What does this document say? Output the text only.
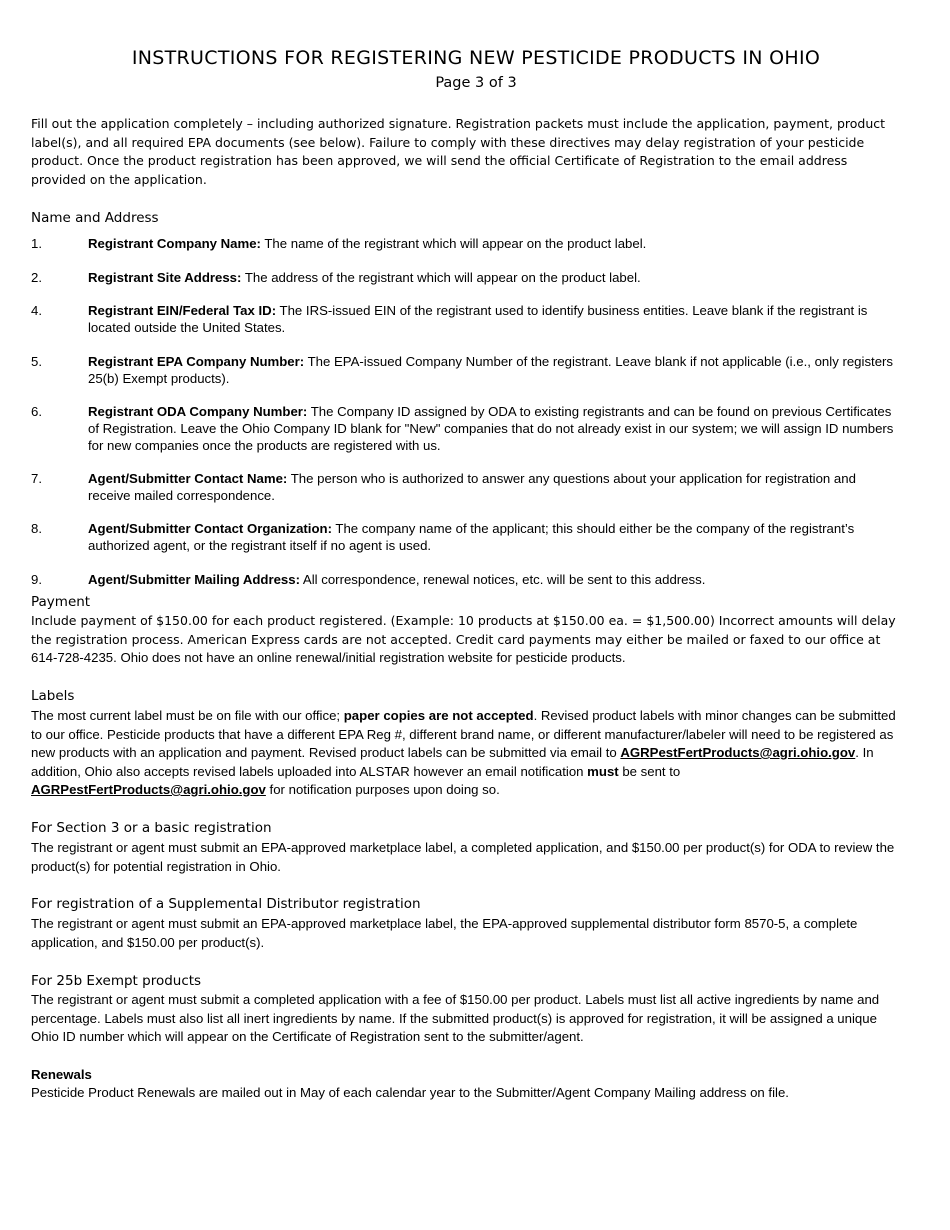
INSTRUCTIONS FOR REGISTERING NEW PESTICIDE PRODUCTS IN OHIO
Page 3 of 3

Fill out the application completely – including authorized signature. Registration packets must include the application, payment, product label(s), and all required EPA documents (see below). Failure to comply with these directives may delay registration of your pesticide product. Once the product registration has been approved, we will send the official Certificate of Registration to the email address provided on the application.

Name and Address
1.	Registrant Company Name: The name of the registrant which will appear on the product label.
2.	Registrant Site Address: The address of the registrant which will appear on the product label.
4.	Registrant EIN/Federal Tax ID: The IRS-issued EIN of the registrant used to identify business entities. Leave blank if the registrant is located outside the United States.
5.	Registrant EPA Company Number: The EPA-issued Company Number of the registrant. Leave blank if not applicable (i.e., only registers 25(b) Exempt products).
6.	Registrant ODA Company Number: The Company ID assigned by ODA to existing registrants and can be found on previous Certificates of Registration. Leave the Ohio Company ID blank for "New" companies that do not already exist in our system; we will assign ID numbers for new companies once the products are registered with us.
7.	Agent/Submitter Contact Name: The person who is authorized to answer any questions about your application for registration and receive mailed correspondence.
8.	Agent/Submitter Contact Organization: The company name of the applicant; this should either be the company of the registrant’s authorized agent, or the registrant itself if no agent is used.
9.	Agent/Submitter Mailing Address: All correspondence, renewal notices, etc. will be sent to this address.
Payment
Include payment of $150.00 for each product registered. (Example: 10 products at $150.00 ea. = $1,500.00) Incorrect amounts will delay the registration process. American Express cards are not accepted. Credit card payments may either be mailed or faxed to our office at 614-728-4235. Ohio does not have an online renewal/initial registration website for pesticide products.
Labels
The most current label must be on file with our office; paper copies are not accepted. Revised product labels with minor changes can be submitted to our office. Pesticide products that have a different EPA Reg #, different brand name, or different manufacturer/labeler will need to be registered as new products with an application and payment. Revised product labels can be submitted via email to AGRPestFertProducts@agri.ohio.gov. In addition, Ohio also accepts revised labels uploaded into ALSTAR however an email notification must be sent to AGRPestFertProducts@agri.ohio.gov for notification purposes upon doing so.
For Section 3 or a basic registration
The registrant or agent must submit an EPA-approved marketplace label, a completed application, and $150.00 per product(s) for ODA to review the product(s) for potential registration in Ohio.
For registration of a Supplemental Distributor registration
The registrant or agent must submit an EPA-approved marketplace label, the EPA-approved supplemental distributor form 8570-5, a complete application, and $150.00 per product(s).
For 25b Exempt products
The registrant or agent must submit a completed application with a fee of $150.00 per product. Labels must list all active ingredients by name and percentage. Labels must also list all inert ingredients by name. If the submitted product(s) is approved for registration, it will be assigned a unique Ohio ID number which will appear on the Certificate of Registration sent to the submitter/agent.
Renewals
Pesticide Product Renewals are mailed out in May of each calendar year to the Submitter/Agent Company Mailing address on file.
